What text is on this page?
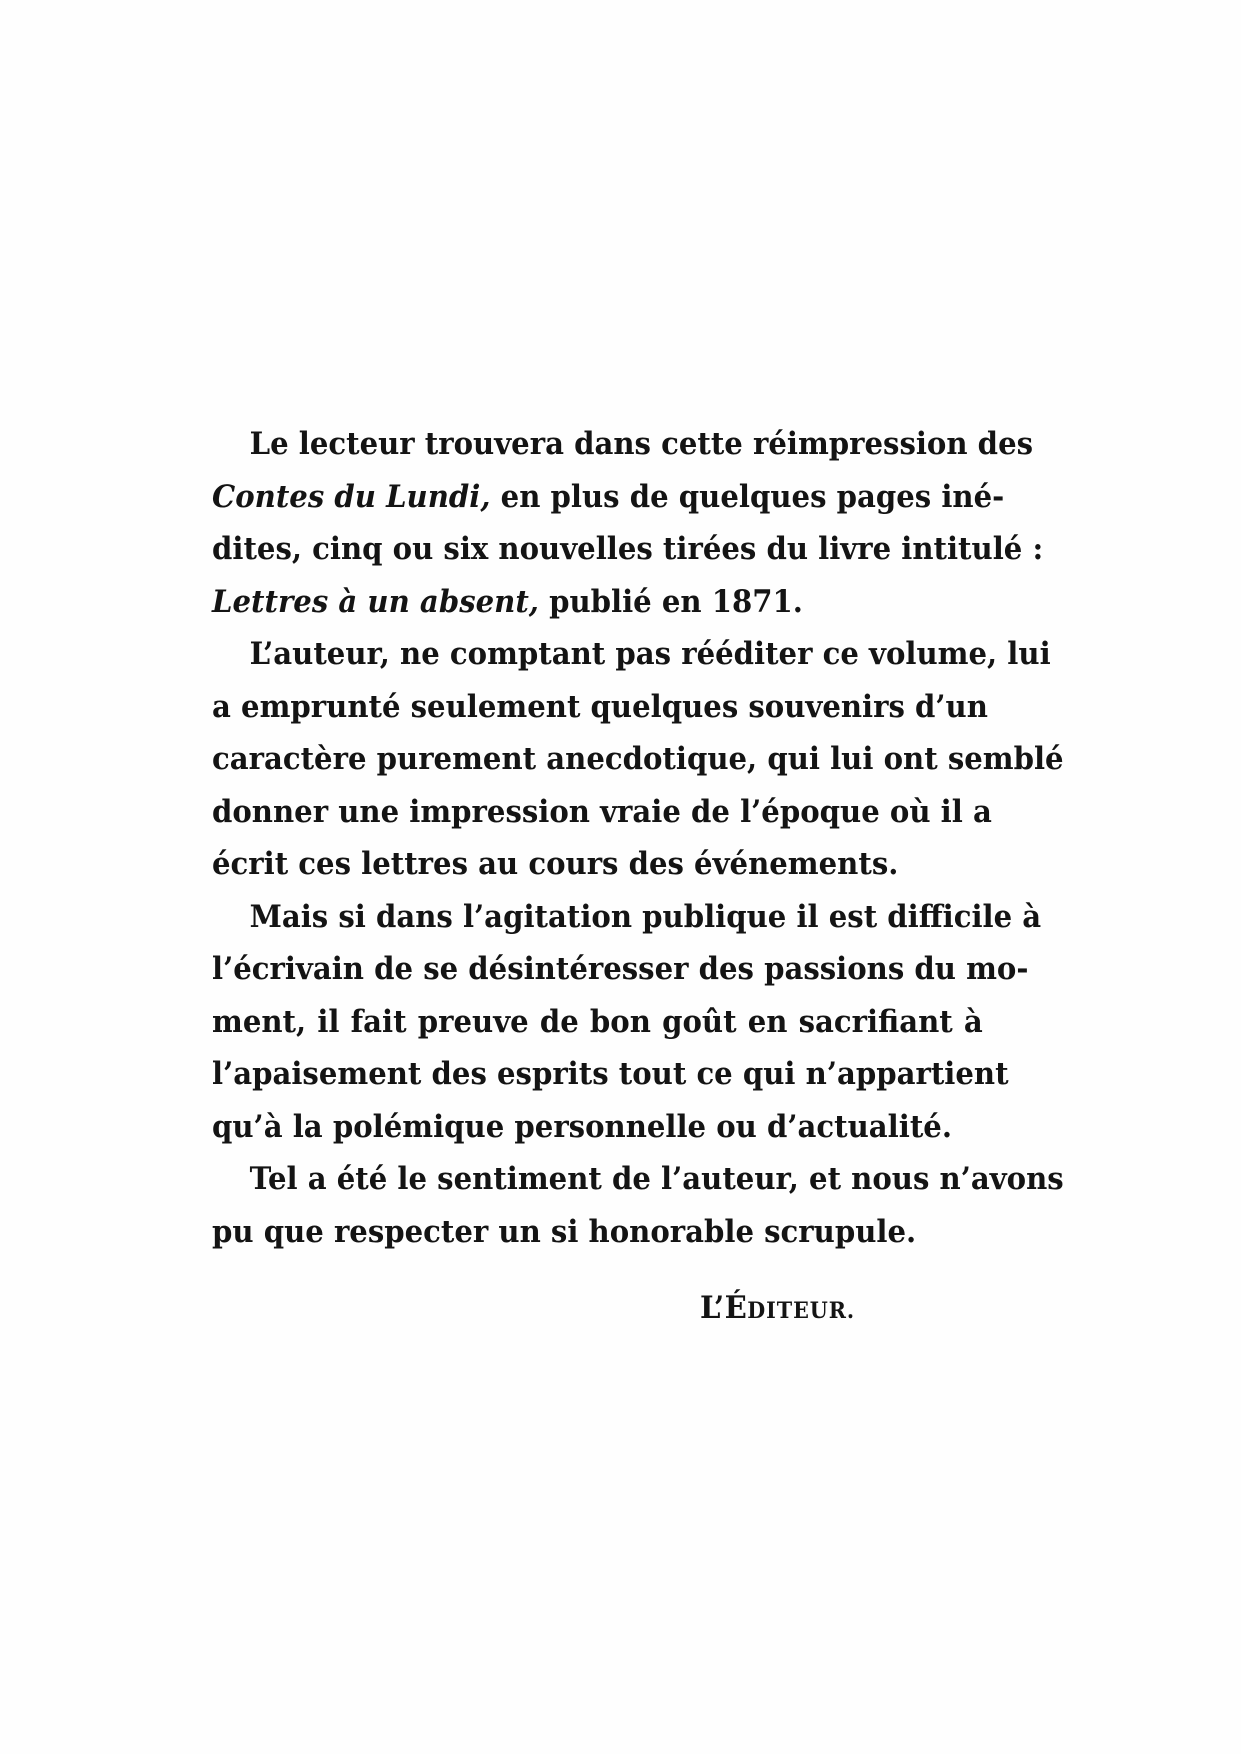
Le lecteur trouvera dans cette réimpression des
Contes du Lundi, en plus de quelques pages iné-
dites, cinq ou six nouvelles tirées du livre intitulé :
Lettres à un absent, publié en 1871.

L’auteur, ne comptant pas rééditer ce volume, lui
a emprunté seulement quelques souvenirs d’un
caractère purement anecdotique, qui lui ont semblé
donner une impression vraie de l’époque où il a
écrit ces lettres au cours des événements.

Mais si dans l’agitation publique il est difficile à
l’écrivain de se désintéresser des passions du mo-
ment, il fait preuve de bon goût en sacrifiant à
l’apaisement des esprits tout ce qui n’appartient
qu’à la polémique personnelle ou d’actualité.

Tel a été le sentiment de l’auteur, et nous n’avons
pu que respecter un si honorable scrupule.

L’ÉDITEUR.
